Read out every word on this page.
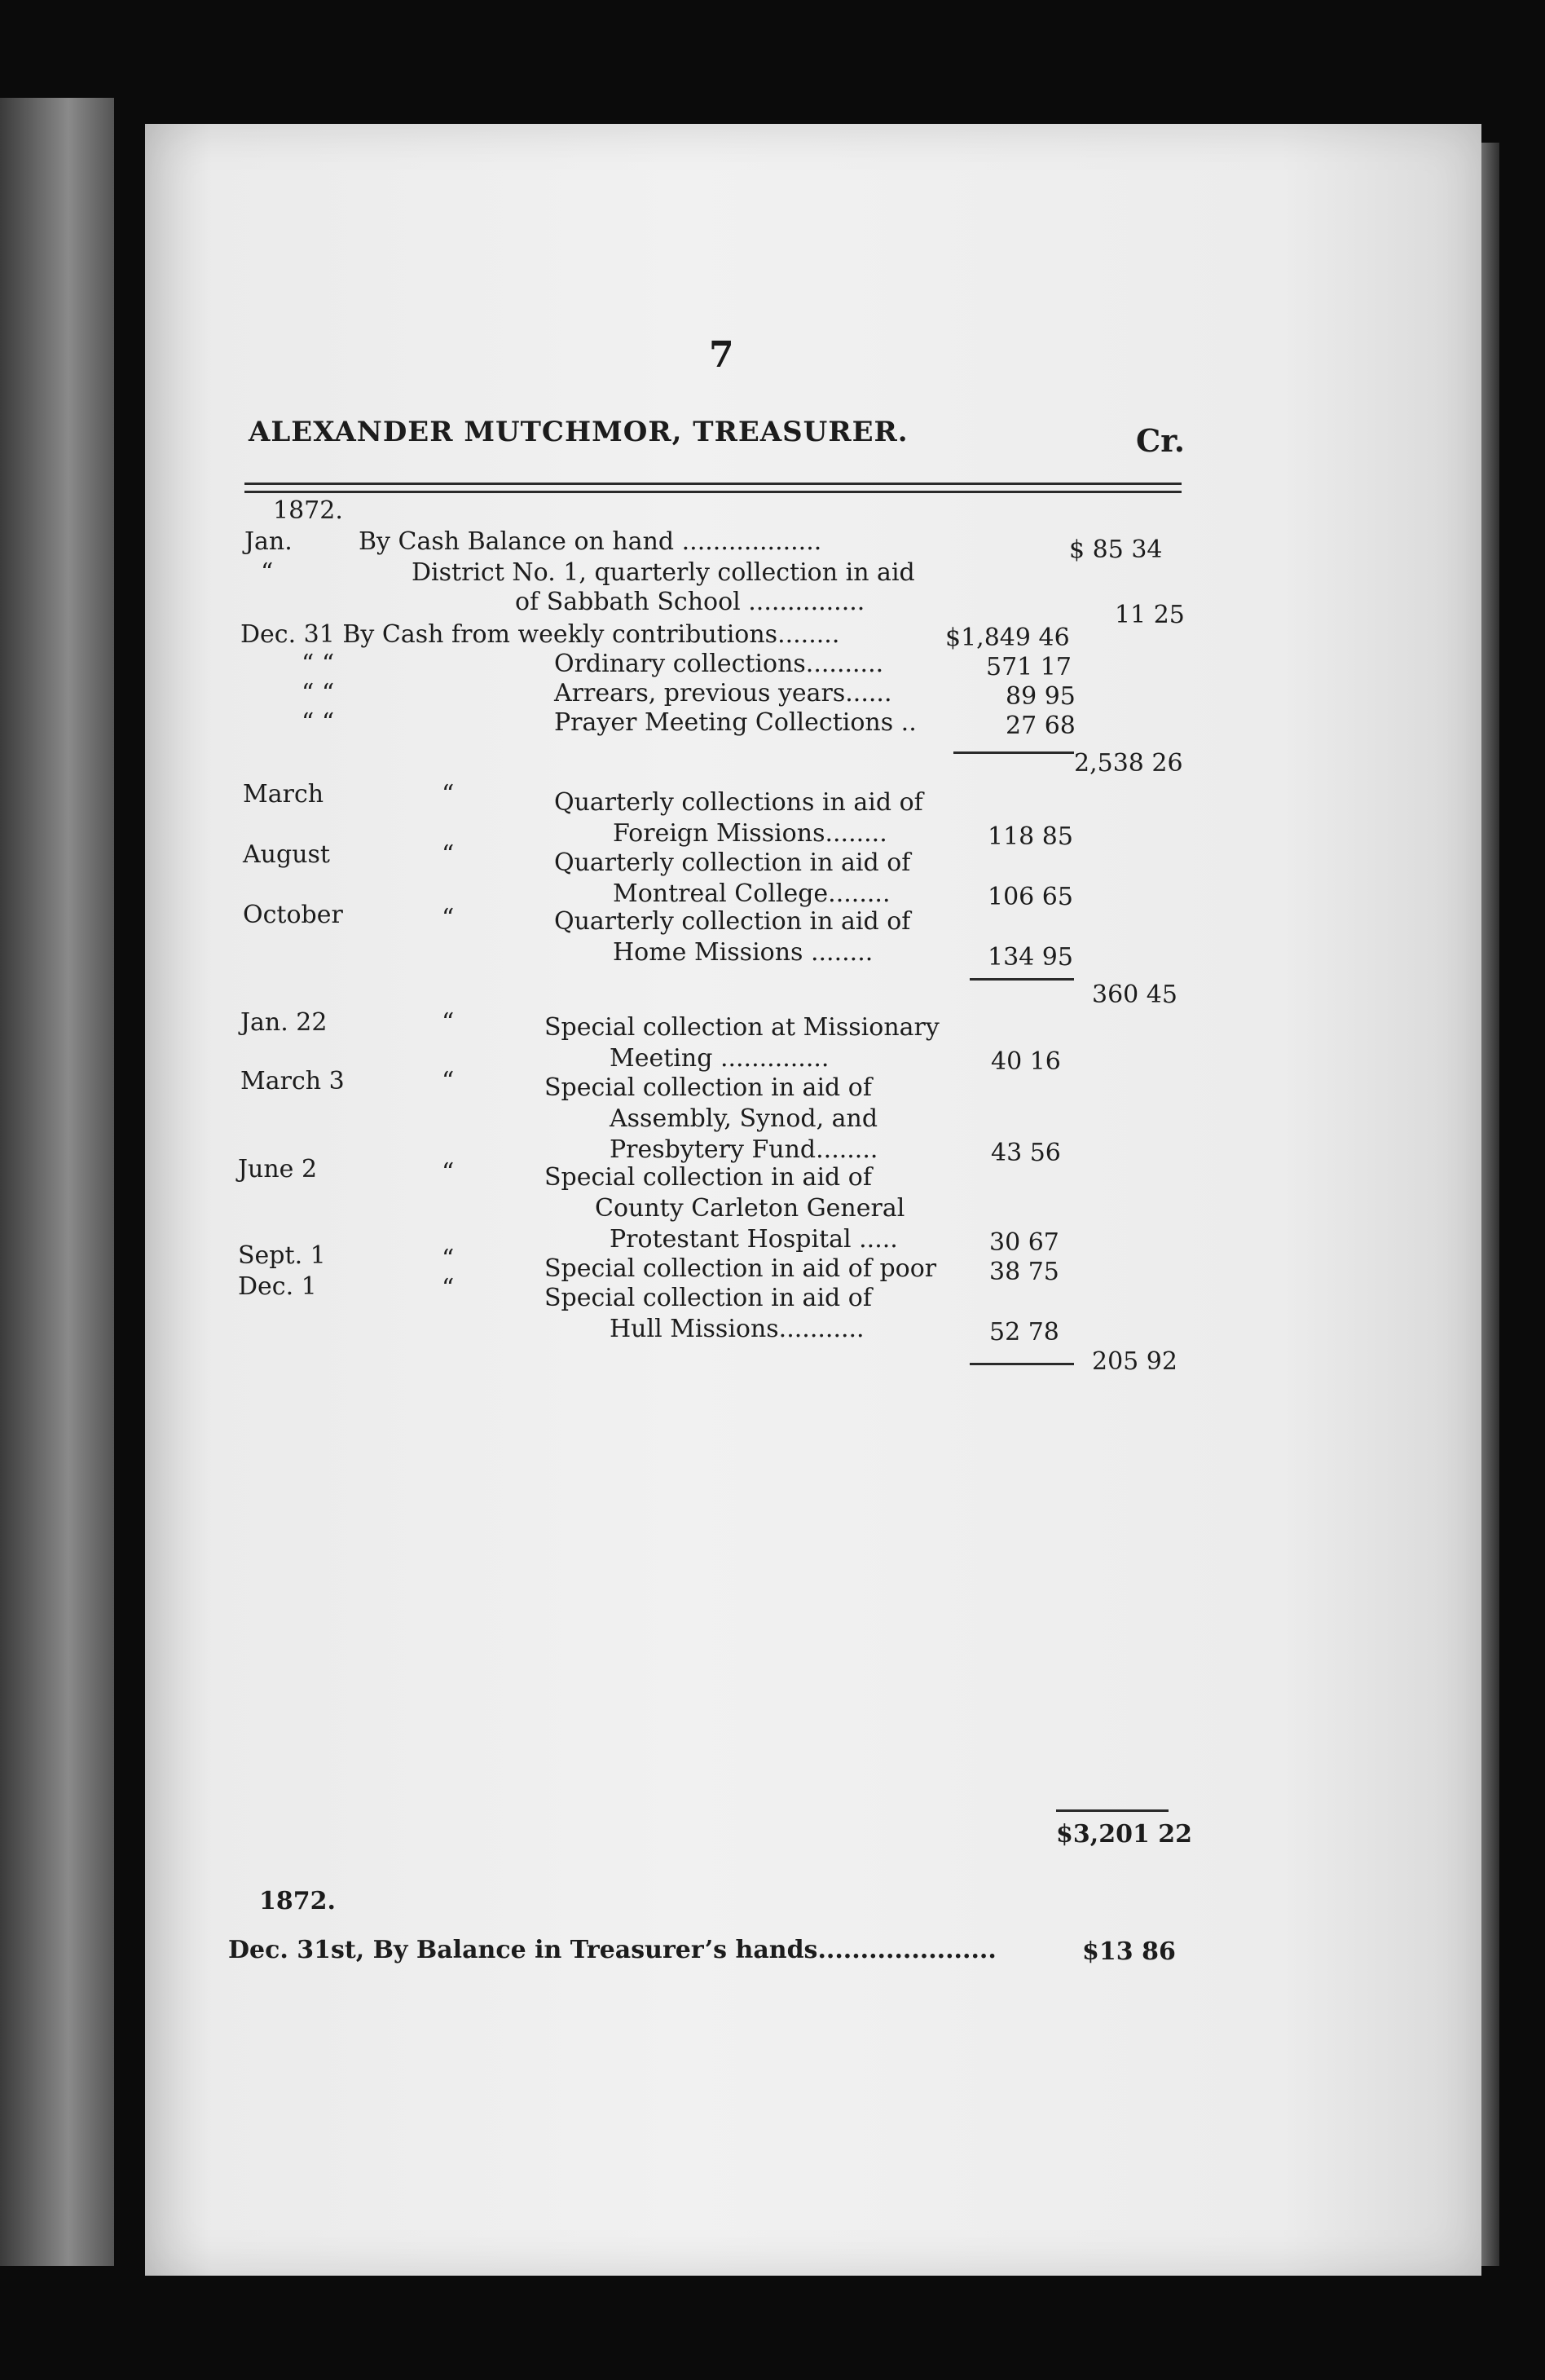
7
ALEXANDER MUTCHMOR, TREASURER.	Cr.
1872.
Jan.	By Cash Balance on hand ..................	$ 85 34
“	District No. 1, quarterly collection in aid
of Sabbath School ...............	11 25
Dec. 31 By Cash from weekly contributions........	$1,849 46
“ “	Ordinary collections..........	571 17
“ “	Arrears, previous years......	89 95
“ “	Prayer Meeting Collections ..	27 68
2,538 26
March	“	Quarterly collections in aid of
Foreign Missions........	118 85
August	“	Quarterly collection in aid of
Montreal College........	106 65
October	“	Quarterly collection in aid of
Home Missions ........	134 95
360 45
Jan. 22	“	Special collection at Missionary
Meeting ..............	40 16
March 3	“	Special collection in aid of
Assembly, Synod, and
Presbytery Fund........	43 56
June 2	“	Special collection in aid of
County Carleton General
Protestant Hospital .....	30 67
Sept. 1	“	Special collection in aid of poor 38 75
Dec. 1	“	Special collection in aid of
Hull Missions...........	52 78
205 92
$3,201 22
1872.
Dec. 31st, By Balance in Treasurer’s hands.....................	$13 86
